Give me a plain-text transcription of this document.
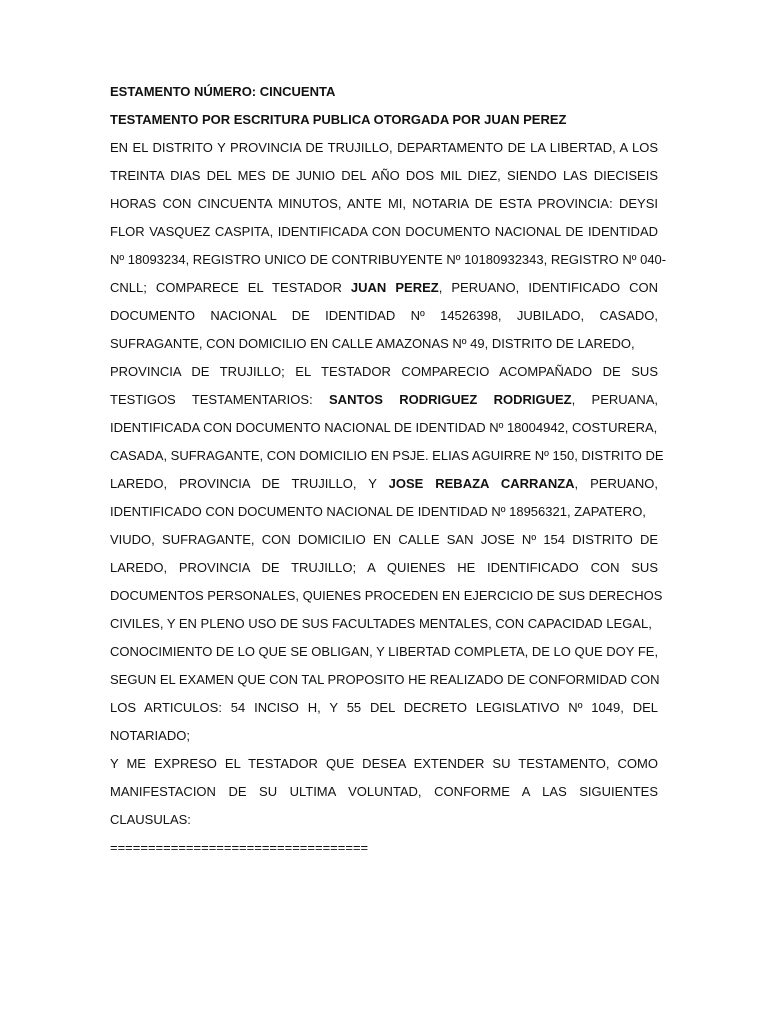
ESTAMENTO NÚMERO: CINCUENTA
TESTAMENTO POR ESCRITURA PUBLICA OTORGADA POR JUAN PEREZ
EN EL DISTRITO Y PROVINCIA DE TRUJILLO, DEPARTAMENTO DE LA LIBERTAD, A LOS
TREINTA DIAS DEL MES DE JUNIO DEL AÑO DOS MIL DIEZ, SIENDO LAS DIECISEIS
HORAS CON CINCUENTA MINUTOS, ANTE MI, NOTARIA DE ESTA PROVINCIA: DEYSI
FLOR VASQUEZ CASPITA, IDENTIFICADA CON DOCUMENTO NACIONAL DE IDENTIDAD
Nº 18093234, REGISTRO UNICO DE CONTRIBUYENTE Nº 10180932343, REGISTRO Nº 040-
CNLL; COMPARECE EL TESTADOR JUAN PEREZ, PERUANO, IDENTIFICADO CON
DOCUMENTO NACIONAL DE IDENTIDAD Nº 14526398, JUBILADO, CASADO,
SUFRAGANTE, CON DOMICILIO EN CALLE AMAZONAS Nº 49, DISTRITO DE LAREDO,
PROVINCIA DE TRUJILLO; EL TESTADOR COMPARECIO ACOMPAÑADO DE SUS
TESTIGOS TESTAMENTARIOS: SANTOS RODRIGUEZ RODRIGUEZ, PERUANA,
IDENTIFICADA CON DOCUMENTO NACIONAL DE IDENTIDAD Nº 18004942, COSTURERA,
CASADA, SUFRAGANTE, CON DOMICILIO EN PSJE. ELIAS AGUIRRE Nº 150, DISTRITO DE
LAREDO, PROVINCIA DE TRUJILLO, Y JOSE REBAZA CARRANZA, PERUANO,
IDENTIFICADO CON DOCUMENTO NACIONAL DE IDENTIDAD Nº 18956321, ZAPATERO,
VIUDO, SUFRAGANTE, CON DOMICILIO EN CALLE SAN JOSE Nº 154 DISTRITO DE
LAREDO, PROVINCIA DE TRUJILLO; A QUIENES HE IDENTIFICADO CON SUS
DOCUMENTOS PERSONALES, QUIENES PROCEDEN EN EJERCICIO DE SUS DERECHOS
CIVILES, Y EN PLENO USO DE SUS FACULTADES MENTALES, CON CAPACIDAD LEGAL,
CONOCIMIENTO DE LO QUE SE OBLIGAN, Y LIBERTAD COMPLETA, DE LO QUE DOY FE,
SEGUN EL EXAMEN QUE CON TAL PROPOSITO HE REALIZADO DE CONFORMIDAD CON
LOS ARTICULOS: 54 INCISO H, Y 55 DEL DECRETO LEGISLATIVO Nº 1049, DEL
NOTARIADO;
Y ME EXPRESO EL TESTADOR QUE DESEA EXTENDER SU TESTAMENTO, COMO
MANIFESTACION DE SU ULTIMA VOLUNTAD, CONFORME A LAS SIGUIENTES
CLAUSULAS:
==================================
